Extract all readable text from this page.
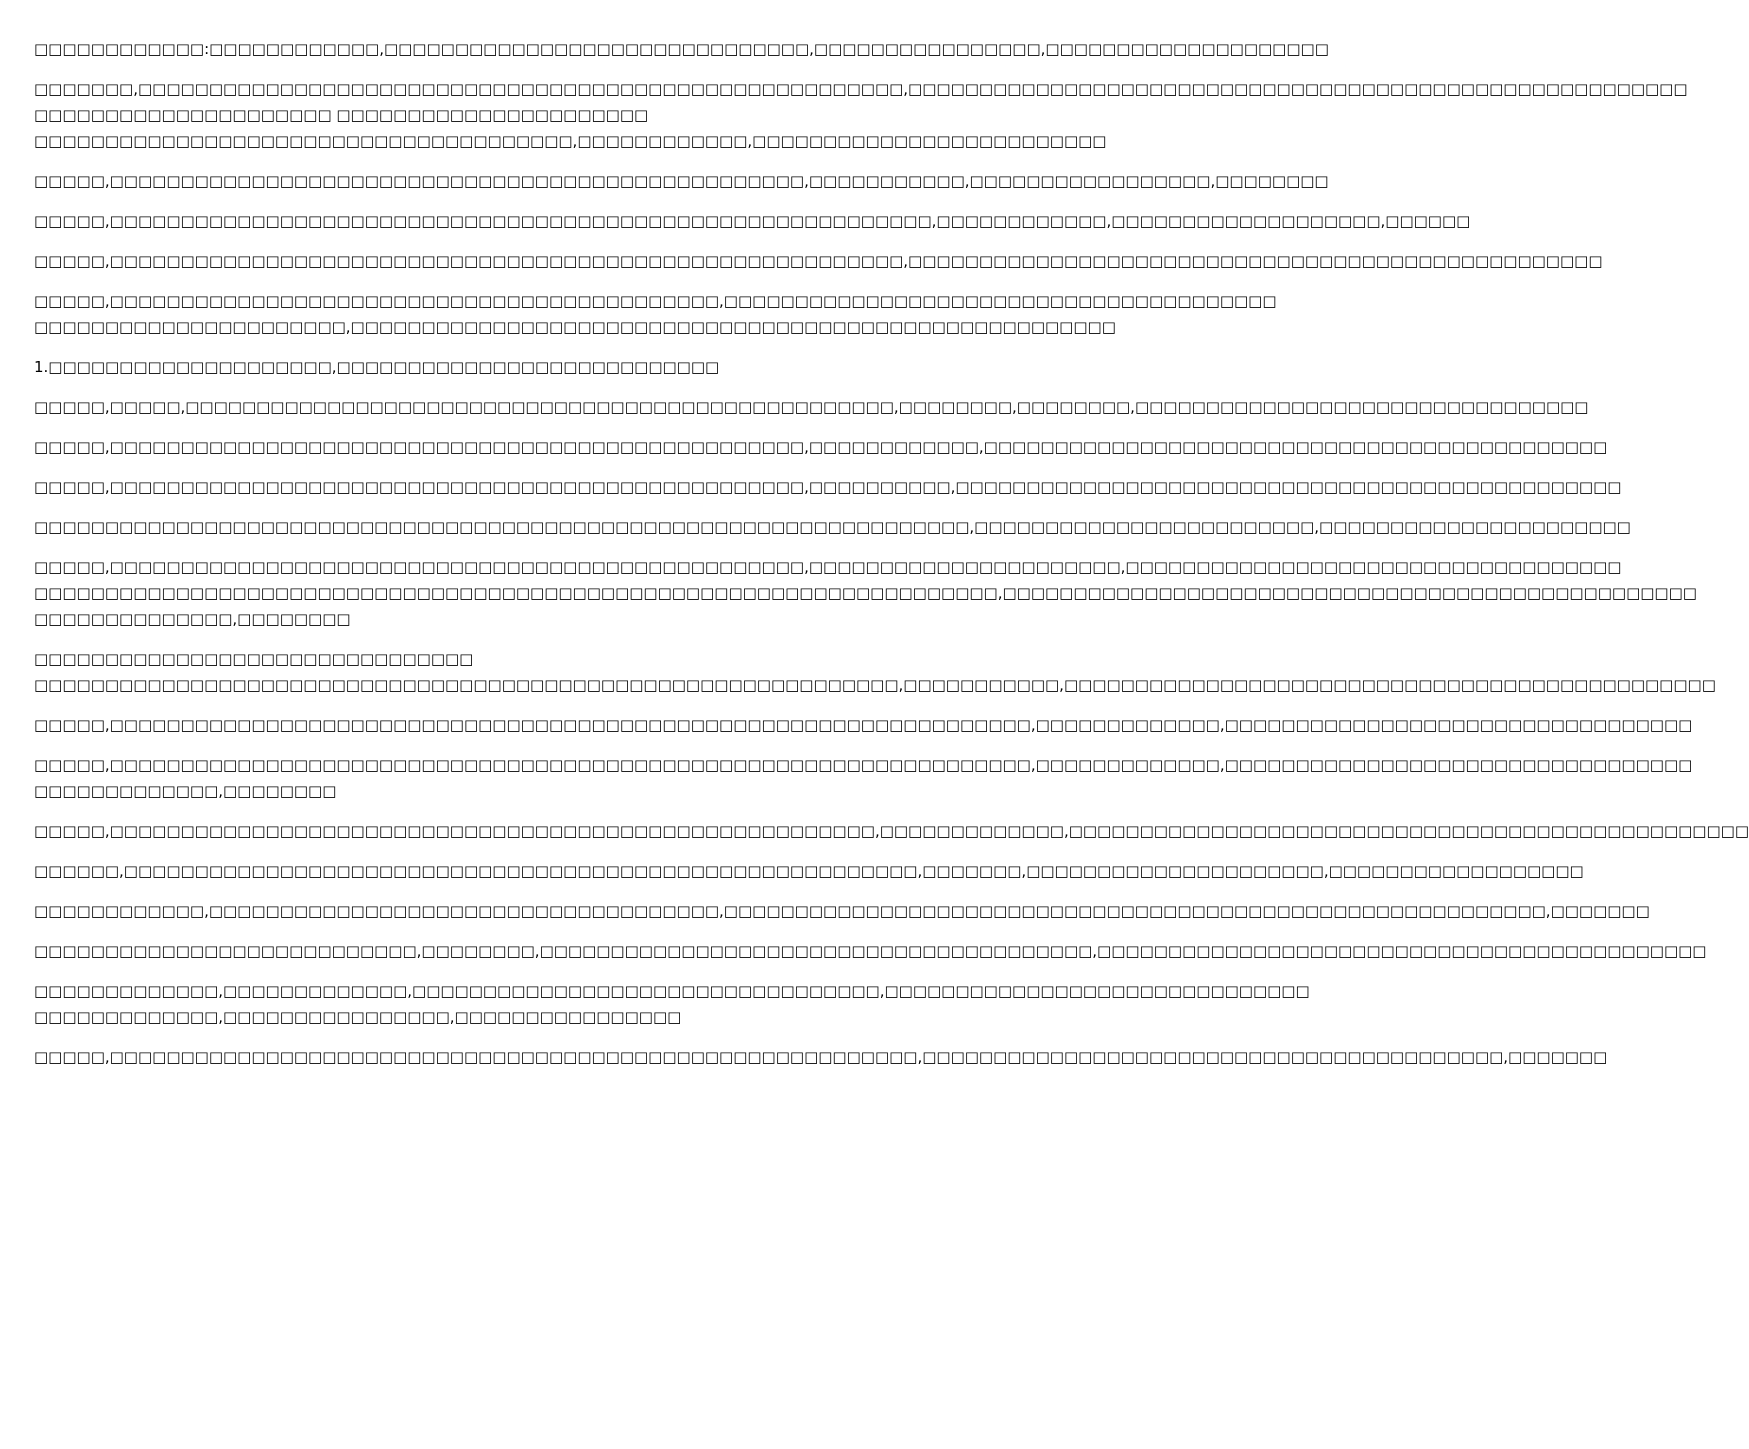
□□□□□□□□□□□□:□□□□□□□□□□□□,□□□□□□□□□□□□□□□□□□□□□□□□□□□□□□,□□□□□□□□□□□□□□□□,□□□□□□□□□□□□□□□□□□□□
□□□□□□□,□□□□□□□□□□□□□□□□□□□□□□□□□□□□□□□□□□□□□□□□□□□□□□□□□□□□□□,□□□□□□□□□□□□□□□□□□□□□□□□□□□□□□□□□□□□□□□□□□□□□□□□□□□□□□□
□□□□□□□□□□□□□□□□□□□□□ □□□□□□□□□□□□□□□□□□□□□□
□□□□□□□□□□□□□□□□□□□□□□□□□□□□□□□□□□□□□□,□□□□□□□□□□□□,□□□□□□□□□□□□□□□□□□□□□□□□□
□□□□□,□□□□□□□□□□□□□□□□□□□□□□□□□□□□□□□□□□□□□□□□□□□□□□□□□,□□□□□□□□□□□,□□□□□□□□□□□□□□□□□,□□□□□□□□
□□□□□,□□□□□□□□□□□□□□□□□□□□□□□□□□□□□□□□□□□□□□□□□□□□□□□□□□□□□□□□□□,□□□□□□□□□□□□,□□□□□□□□□□□□□□□□□□□,□□□□□□
□□□□□,□□□□□□□□□□□□□□□□□□□□□□□□□□□□□□□□□□□□□□□□□□□□□□□□□□□□□□□□,□□□□□□□□□□□□□□□□□□□□□□□□□□□□□□□□□□□□□□□□□□□□□□□□□
□□□□□,□□□□□□□□□□□□□□□□□□□□□□□□□□□□□□□□□□□□□□□□□□□,□□□□□□□□□□□□□□□□□□□□□□□□□□□□□□□□□□□□□□□
□□□□□□□□□□□□□□□□□□□□□□,□□□□□□□□□□□□□□□□□□□□□□□□□□□□□□□□□□□□□□□□□□□□□□□□□□□□□□
1.□□□□□□□□□□□□□□□□□□□□,□□□□□□□□□□□□□□□□□□□□□□□□□□□
□□□□□,□□□□□,□□□□□□□□□□□□□□□□□□□□□□□□□□□□□□□□□□□□□□□□□□□□□□□□□□,□□□□□□□□,□□□□□□□□,□□□□□□□□□□□□□□□□□□□□□□□□□□□□□□□□
□□□□□,□□□□□□□□□□□□□□□□□□□□□□□□□□□□□□□□□□□□□□□□□□□□□□□□□,□□□□□□□□□□□□,□□□□□□□□□□□□□□□□□□□□□□□□□□□□□□□□□□□□□□□□□□□□
□□□□□,□□□□□□□□□□□□□□□□□□□□□□□□□□□□□□□□□□□□□□□□□□□□□□□□□,□□□□□□□□□□,□□□□□□□□□□□□□□□□□□□□□□□□□□□□□□□□□□□□□□□□□□□□□□□
□□□□□□□□□□□□□□□□□□□□□□□□□□□□□□□□□□□□□□□□□□□□□□□□□□□□□□□□□□□□□□□□□□,□□□□□□□□□□□□□□□□□□□□□□□□,□□□□□□□□□□□□□□□□□□□□□□
□□□□□,□□□□□□□□□□□□□□□□□□□□□□□□□□□□□□□□□□□□□□□□□□□□□□□□□,□□□□□□□□□□□□□□□□□□□□□□,□□□□□□□□□□□□□□□□□□□□□□□□□□□□□□□□□□□
□□□□□□□□□□□□□□□□□□□□□□□□□□□□□□□□□□□□□□□□□□□□□□□□□□□□□□□□□□□□□□□□□□□□,□□□□□□□□□□□□□□□□□□□□□□□□□□□□□□□□□□□□□□□□□□□□□□□□□
□□□□□□□□□□□□□□,□□□□□□□□
□□□□□□□□□□□□□□□□□□□□□□□□□□□□□□□
□□□□□□□□□□□□□□□□□□□□□□□□□□□□□□□□□□□□□□□□□□□□□□□□□□□□□□□□□□□□□,□□□□□□□□□□□,□□□□□□□□□□□□□□□□□□□□□□□□□□□□□□□□□□□□□□□□□□□□□□
□□□□□,□□□□□□□□□□□□□□□□□□□□□□□□□□□□□□□□□□□□□□□□□□□□□□□□□□□□□□□□□□□□□□□□□,□□□□□□□□□□□□□,□□□□□□□□□□□□□□□□□□□□□□□□□□□□□□□□□
□□□□□,□□□□□□□□□□□□□□□□□□□□□□□□□□□□□□□□□□□□□□□□□□□□□□□□□□□□□□□□□□□□□□□□□,□□□□□□□□□□□□□,□□□□□□□□□□□□□□□□□□□□□□□□□□□□□□□□□
□□□□□□□□□□□□□,□□□□□□□□
□□□□□,□□□□□□□□□□□□□□□□□□□□□□□□□□□□□□□□□□□□□□□□□□□□□□□□□□□□□□,□□□□□□□□□□□□□,□□□□□□□□□□□□□□□□□□□□□□□□□□□□□□□□□□□□□□□□□□□□□□□□
□□□□□□,□□□□□□□□□□□□□□□□□□□□□□□□□□□□□□□□□□□□□□□□□□□□□□□□□□□□□□□□,□□□□□□□,□□□□□□□□□□□□□□□□□□□□□,□□□□□□□□□□□□□□□□□□
□□□□□□□□□□□□,□□□□□□□□□□□□□□□□□□□□□□□□□□□□□□□□□□□□,□□□□□□□□□□□□□□□□□□□□□□□□□□□□□□□□□□□□□□□□□□□□□□□□□□□□□□□□□□,□□□□□□□
□□□□□□□□□□□□□□□□□□□□□□□□□□□,□□□□□□□□,□□□□□□□□□□□□□□□□□□□□□□□□□□□□□□□□□□□□□□□,□□□□□□□□□□□□□□□□□□□□□□□□□□□□□□□□□□□□□□□□□□□
□□□□□□□□□□□□□,□□□□□□□□□□□□□,□□□□□□□□□□□□□□□□□□□□□□□□□□□□□□□□□,□□□□□□□□□□□□□□□□□□□□□□□□□□□□□□
□□□□□□□□□□□□□,□□□□□□□□□□□□□□□□,□□□□□□□□□□□□□□□□
□□□□□,□□□□□□□□□□□□□□□□□□□□□□□□□□□□□□□□□□□□□□□□□□□□□□□□□□□□□□□□□,□□□□□□□□□□□□□□□□□□□□□□□□□□□□□□□□□□□□□□□□□,□□□□□□□
